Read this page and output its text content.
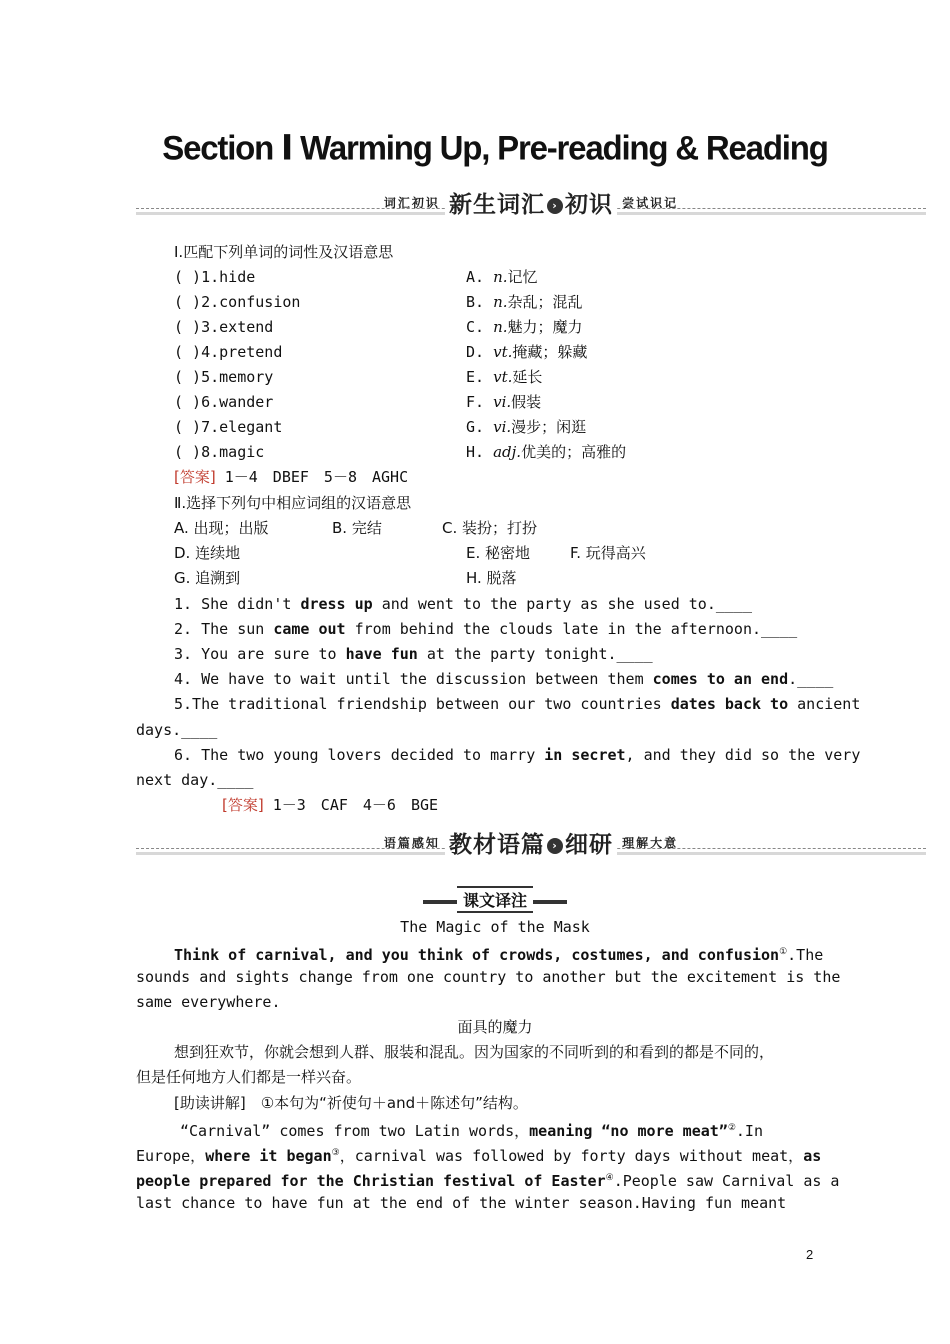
Section Ⅰ Warming Up, Pre-reading & Reading
词汇初识 新生词汇 › 初识 尝试识记
Ⅰ.匹配下列单词的词性及汉语意思
( )1.hide	A. n.记忆
( )2.confusion	B. n.杂乱；混乱
( )3.extend	C. n.魅力；魔力
( )4.pretend	D. vt.掩藏；躲藏
( )5.memory	E. vt.延长
( )6.wander	F. vi.假装
( )7.elegant	G. vi.漫步；闲逛
( )8.magic	H. adj.优美的；高雅的
[答案] 1－4　DBEF　5－8　AGHC
Ⅱ.选择下列句中相应词组的汉语意思
A. 出现；出版	B. 完结	C. 装扮；打扮
D. 连续地	E. 秘密地	F. 玩得高兴
G. 追溯到	H. 脱落
1. She didn't dress up and went to the party as she used to.____
2. The sun came out from behind the clouds late in the afternoon.____
3. You are sure to have fun at the party tonight.____
4. We have to wait until the discussion between them comes to an end.____
5.The traditional friendship between our two countries dates back to ancient
days.____
6. The two young lovers decided to marry in secret, and they did so the very
next day.____
[答案] 1－3　CAF　4－6　BGE
语篇感知 教材语篇 › 细研 理解大意
课文译注
The Magic of the Mask
Think of carnival, and you think of crowds, costumes, and confusion①.The
sounds and sights change from one country to another but the excitement is the
same everywhere.
面具的魔力
想到狂欢节，你就会想到人群、服装和混乱。因为国家的不同听到的和看到的都是不同的，
但是任何地方人们都是一样兴奋。
[助读讲解]　①本句为“祈使句＋and＋陈述句”结构。
“Carnival” comes from two Latin words，meaning “no more meat”②.In
Europe，where it began③，carnival was followed by forty days without meat，as
people prepared for the Christian festival of Easter④.People saw Carnival as a
last chance to have fun at the end of the winter season.Having fun meant
2
